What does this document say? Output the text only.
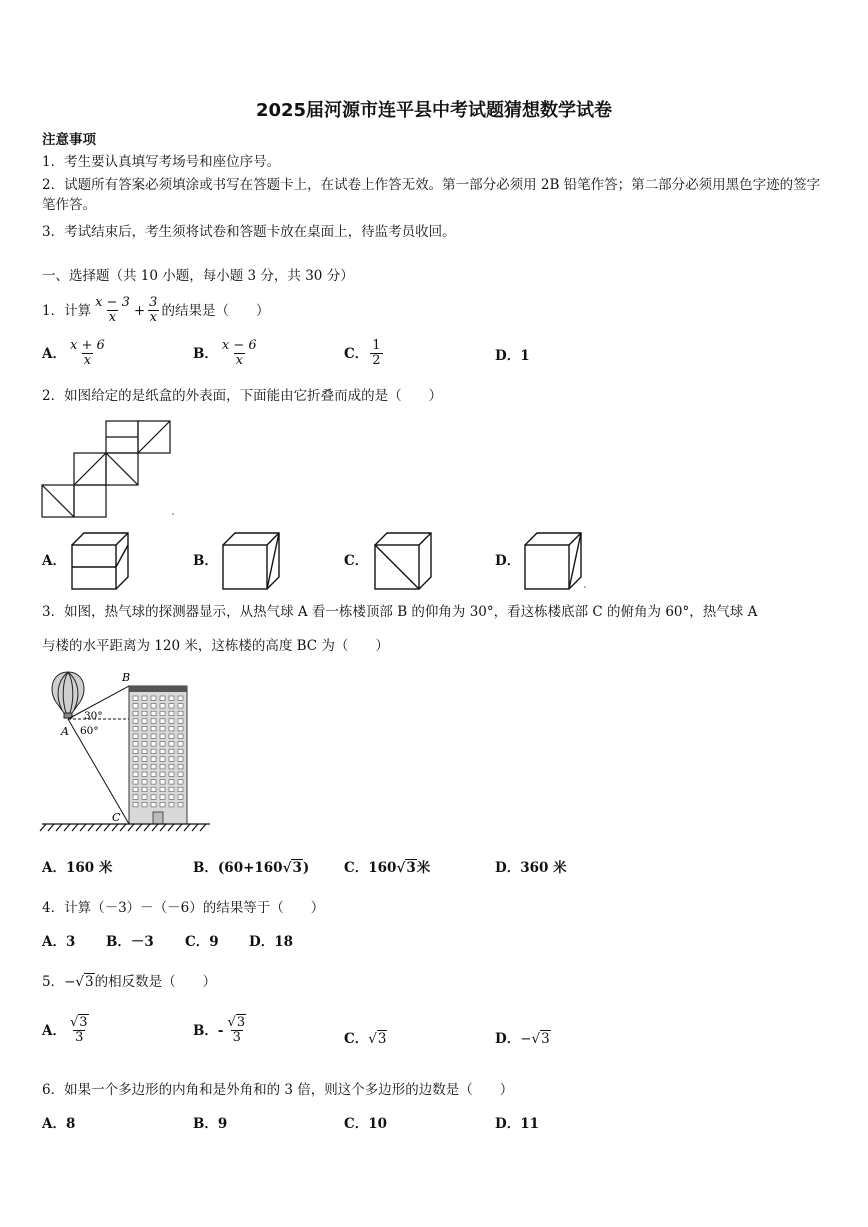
2025届河源市连平县中考试题猜想数学试卷
注意事项
1．考生要认真填写考场号和座位序号。
2．试题所有答案必须填涂或书写在答题卡上，在试卷上作答无效。第一部分必须用 2B 铅笔作答；第二部分必须用黑色字迹的签字笔作答。
3．考试结束后，考生须将试卷和答题卡放在桌面上，待监考员收回。
一、选择题（共 10 小题，每小题 3 分，共 30 分）
1．计算 $\frac{x - 3}{x} + \frac{3}{x}$ 的结果是（　　）
A． $\frac{x + 6}{x}$	B． $\frac{x - 6}{x}$	C． $\frac{1}{2}$	D．1
2．如图给定的是纸盒的外表面，下面能由它折叠而成的是（　　）
A．	B．	C．	D．
3．如图，热气球的探测器显示，从热气球 A 看一栋楼顶部 B 的仰角为 30°，看这栋楼底部 C 的俯角为 60°，热气球 A
与楼的水平距离为 120 米，这栋楼的高度 BC 为（　　）
B
A
C
30°
60°
A．160 米	B．(60+160√3)	C．160√3米	D．360 米
4．计算（－3）－（－6）的结果等于（　　）
A．3 B．－3 C．9 D．18
5．−√3的相反数是（　　）
A． $\frac{√3}{3}$	B．- $\frac{√3}{3}$	C．√3	D．−√3
6．如果一个多边形的内角和是外角和的 3 倍，则这个多边形的边数是（　　）
A．8	B．9	C．10	D．11
